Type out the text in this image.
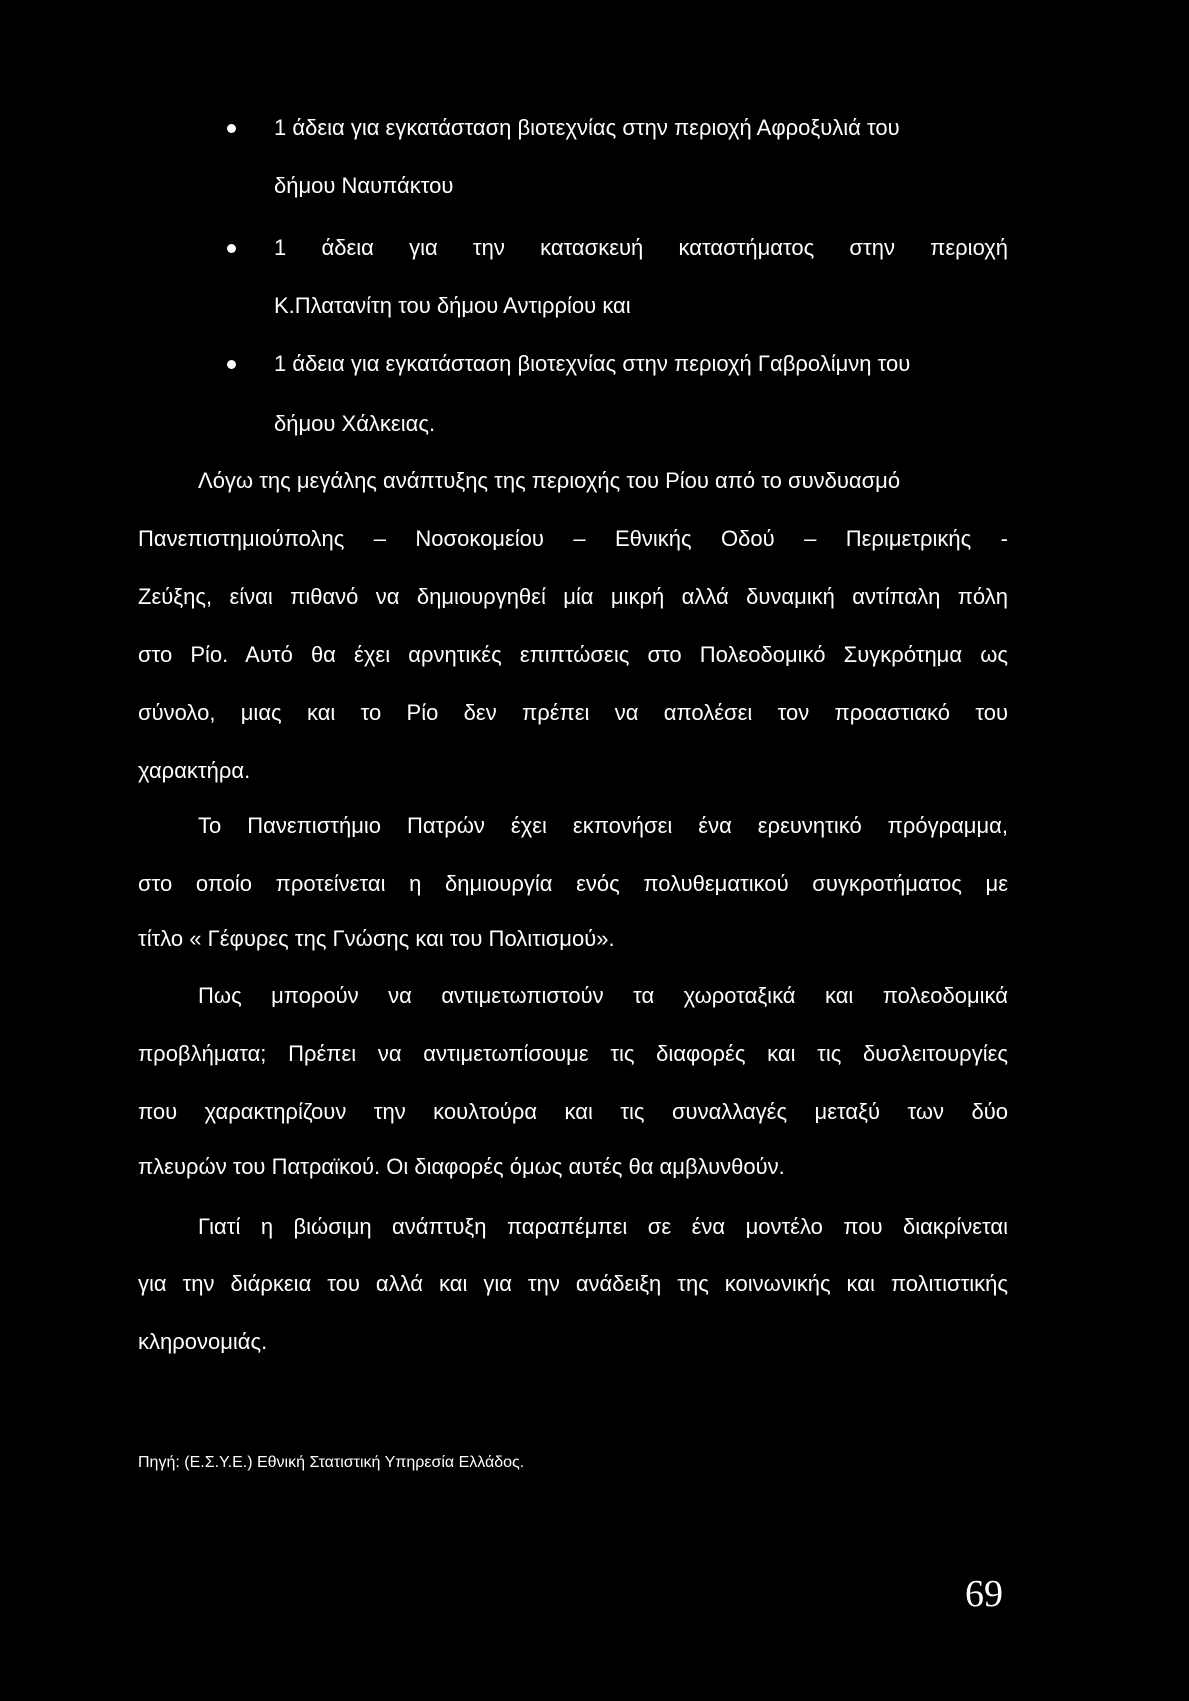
1 άδεια για εγκατάσταση βιοτεχνίας στην περιοχή Αφροξυλιά του
δήμου Ναυπάκτου
1 άδεια για την κατασκευή καταστήματος στην περιοχή
Κ.Πλατανίτη του δήμου Αντιρρίου και
1 άδεια για εγκατάσταση βιοτεχνίας στην περιοχή Γαβρολίμνη του
δήμου Χάλκειας.
Λόγω της μεγάλης ανάπτυξης της περιοχής του Ρίου από το συνδυασμό
Πανεπιστημιούπολης – Νοσοκομείου – Εθνικής Οδού – Περιμετρικής -
Ζεύξης, είναι πιθανό να δημιουργηθεί μία μικρή αλλά δυναμική αντίπαλη πόλη
στο Ρίο. Αυτό θα έχει αρνητικές επιπτώσεις στο Πολεοδομικό Συγκρότημα ως
σύνολο, μιας και το Ρίο δεν πρέπει να απολέσει τον προαστιακό του
χαρακτήρα.
Το Πανεπιστήμιο Πατρών έχει εκπονήσει ένα ερευνητικό πρόγραμμα,
στο οποίο προτείνεται η δημιουργία ενός πολυθεματικού συγκροτήματος με
τίτλο « Γέφυρες της Γνώσης και του Πολιτισμού».
Πως μπορούν να αντιμετωπιστούν τα χωροταξικά και πολεοδομικά
προβλήματα; Πρέπει να αντιμετωπίσουμε τις διαφορές και τις δυσλειτουργίες
που χαρακτηρίζουν την κουλτούρα και τις συναλλαγές μεταξύ των δύο
πλευρών του Πατραϊκού. Οι διαφορές όμως αυτές θα αμβλυνθούν.
Γιατί η βιώσιμη ανάπτυξη παραπέμπει σε ένα μοντέλο που διακρίνεται
για την διάρκεια του αλλά και για την ανάδειξη της κοινωνικής και πολιτιστικής
κληρονομιάς.
Πηγή: (Ε.Σ.Υ.Ε.) Εθνική Στατιστική Υπηρεσία Ελλάδος.
69
